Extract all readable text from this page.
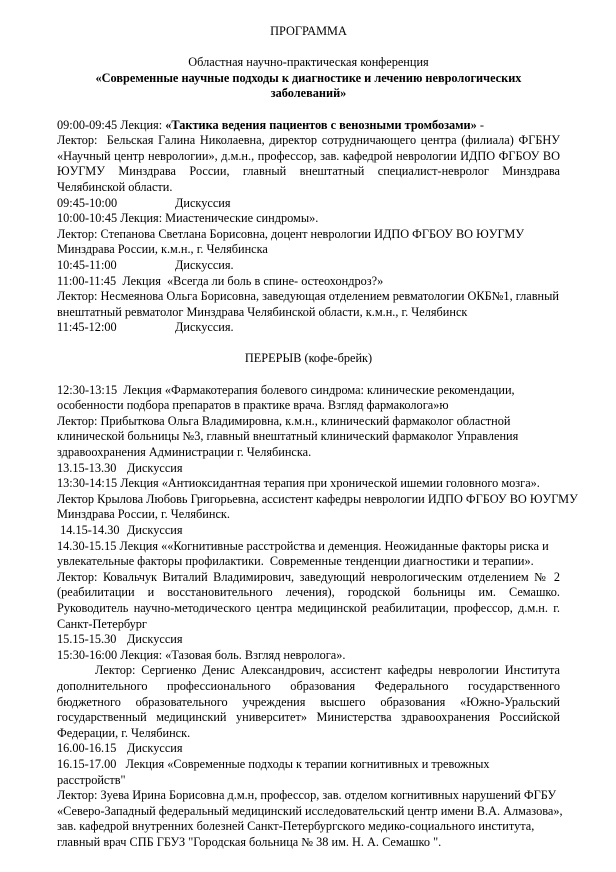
ПРОГРАММА
Областная научно-практическая конференция
«Современные научные подходы к диагностике и лечению неврологических заболеваний»
09:00-09:45 Лекция: «Тактика ведения пациентов с венозными тромбозами» -
Лектор:  Бельская Галина Николаевна, директор сотрудничающего центра (филиала) ФГБНУ «Научный центр неврологии», д.м.н., профессор, зав. кафедрой неврологии ИДПО ФГБОУ ВО ЮУГМУ Минздрава России, главный внештатный специалист-невролог Минздрава Челябинской области.
09:45-10:00	Дискуссия
10:00-10:45 Лекция: Миастенические синдромы».
Лектор: Степанова Светлана Борисовна, доцент неврологии ИДПО ФГБОУ ВО ЮУГМУ
Минздрава России, к.м.н., г. Челябинска
10:45-11:00	Дискуссия.
11:00-11:45  Лекция  «Всегда ли боль в спине- остеохондроз?»
Лектор: Несмеянова Ольга Борисовна, заведующая отделением ревматологии ОКБ№1, главный
внештатный ревматолог Минздрава Челябинской области, к.м.н., г. Челябинск
11:45-12:00	Дискуссия.
ПЕРЕРЫВ (кофе-брейк)
12:30-13:15  Лекция «Фармакотерапия болевого синдрома: клинические рекомендации,
особенности подбора препаратов в практике врача. Взгляд фармаколога»ю
Лектор: Прибыткова Ольга Владимировна, к.м.н., клинический фармаколог областной
клинической больницы №3, главный внештатный клинический фармаколог Управления
здравоохранения Администрации г. Челябинска.
13.15-13.30 Дискуссия
13:30-14:15 Лекция «Антиоксидантная терапия при хронической ишемии головного мозга».
Лектор Крылова Любовь Григорьевна, ассистент кафедры неврологии ИДПО ФГБОУ ВО ЮУГМУ
Минздрава России, г. Челябинск.
14.15-14.30 Дискуссия
14.30-15.15 Лекция ««Когнитивные расстройства и деменция. Неожиданные факторы риска и
увлекательные факторы профилактики.  Современные тенденции диагностики и терапии».
Лектор: Ковальчук Виталий Владимирович, заведующий неврологическим отделением № 2 (реабилитации и восстановительного лечения), городской больницы им. Семашко. Руководитель научно-методического центра медицинской реабилитации, профессор, д.м.н. г. Санкт-Петербург
15.15-15.30 Дискуссия
15:30-16:00 Лекция: «Тазовая боль. Взгляд невролога».
Лектор: Сергиенко Денис Александрович, ассистент кафедры неврологии Института дополнительного профессионального образования Федерального государственного бюджетного образовательного учреждения высшего образования «Южно-Уральский государственный медицинский университет» Министерства здравоохранения Российской Федерации, г. Челябинск.
16.00-16.15 Дискуссия
16.15-17.00   Лекция «Современные подходы к терапии когнитивных и тревожных расстройств"
Лектор: Зуева Ирина Борисовна д.м.н, профессор, зав. отделом когнитивных нарушений ФГБУ
«Северо-Западный федеральный медицинский исследовательский центр имени В.А. Алмазова»,
зав. кафедрой внутренних болезней Санкт-Петербургского медико-социального института,
главный врач СПБ ГБУЗ "Городская больница № 38 им. Н. А. Семашко ".
